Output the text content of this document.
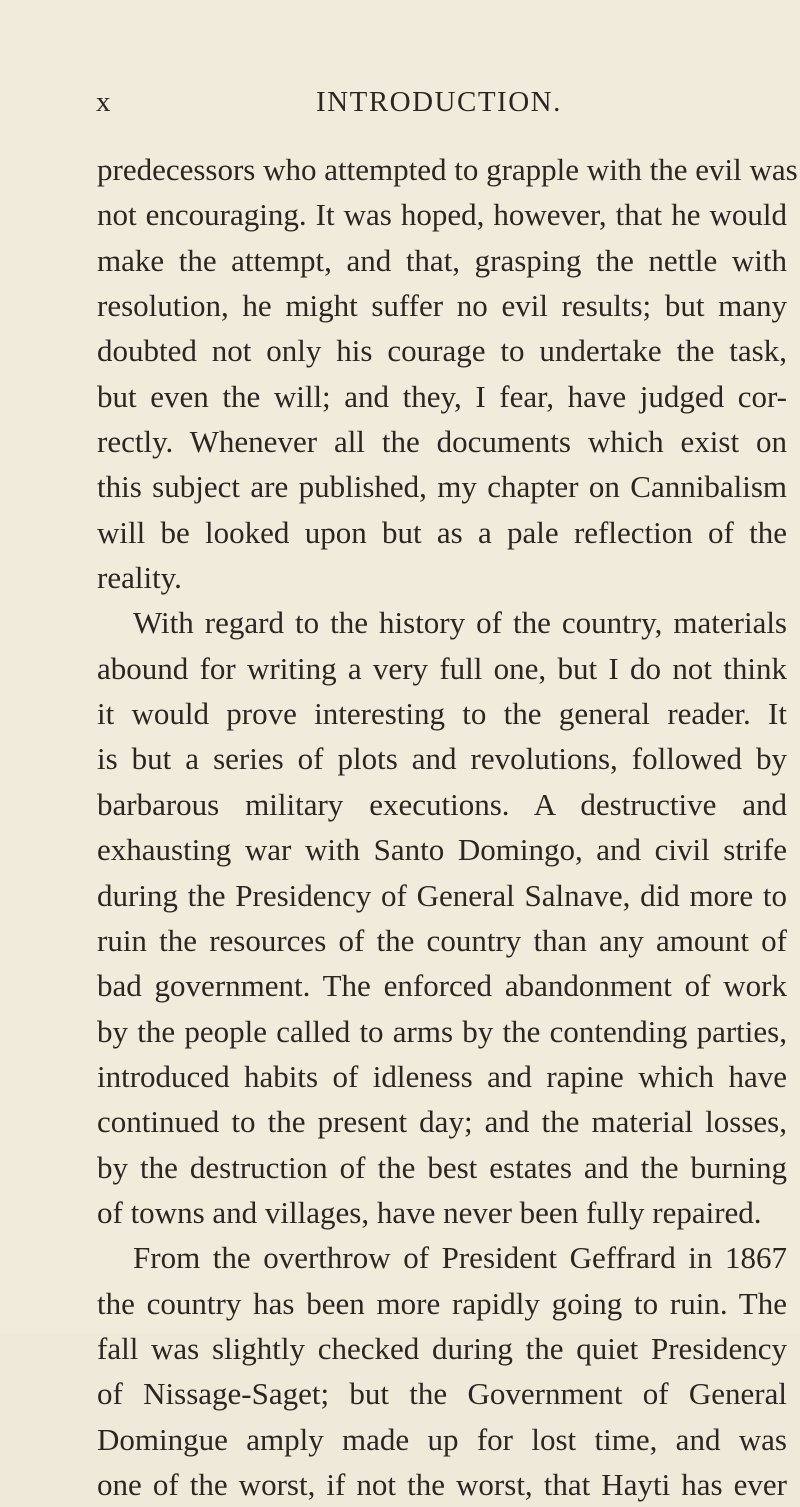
x	INTRODUCTION.
predecessors who attempted to grapple with the evil was
not encouraging. It was hoped, however, that he would
make the attempt, and that, grasping the nettle with
resolution, he might suffer no evil results; but many
doubted not only his courage to undertake the task,
but even the will; and they, I fear, have judged cor-
rectly. Whenever all the documents which exist on
this subject are published, my chapter on Cannibalism
will be looked upon but as a pale reflection of the
reality.
With regard to the history of the country, materials
abound for writing a very full one, but I do not think
it would prove interesting to the general reader. It
is but a series of plots and revolutions, followed by
barbarous military executions. A destructive and
exhausting war with Santo Domingo, and civil strife
during the Presidency of General Salnave, did more to
ruin the resources of the country than any amount of
bad government. The enforced abandonment of work
by the people called to arms by the contending parties,
introduced habits of idleness and rapine which have
continued to the present day; and the material losses,
by the destruction of the best estates and the burning
of towns and villages, have never been fully repaired.
From the overthrow of President Geffrard in 1867
the country has been more rapidly going to ruin. The
fall was slightly checked during the quiet Presidency
of Nissage-Saget; but the Government of General
Domingue amply made up for lost time, and was
one of the worst, if not the worst, that Hayti has ever
